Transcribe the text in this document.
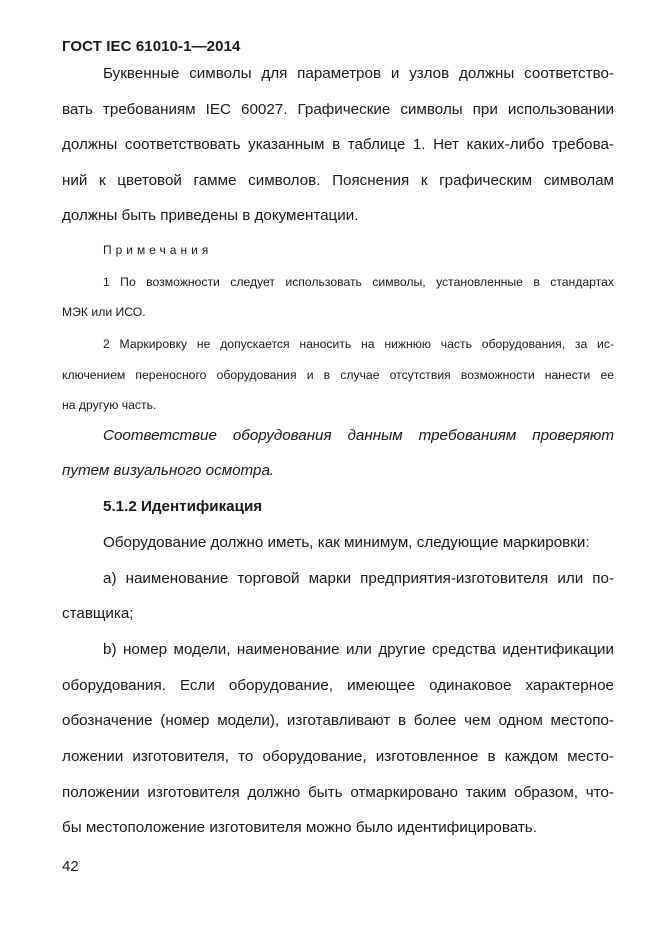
ГОСТ IEC 61010-1—2014
Буквенные символы для параметров и узлов должны соответство-
вать требованиям IEC 60027. Графические символы при использовании
должны соответствовать указанным в таблице 1. Нет каких-либо требова-
ний к цветовой гамме символов. Пояснения к графическим символам
должны быть приведены в документации.
Примечания
1 По возможности следует использовать символы, установленные в стандартах
МЭК или ИСО.
2 Маркировку не допускается наносить на нижнюю часть оборудования, за ис-
ключением переносного оборудования и в случае отсутствия возможности нанести ее
на другую часть.
Соответствие оборудования данным требованиям проверяют
путем визуального осмотра.
5.1.2 Идентификация
Оборудование должно иметь, как минимум, следующие маркировки:
a) наименование торговой марки предприятия-изготовителя или по-
ставщика;
b) номер модели, наименование или другие средства идентификации
оборудования. Если оборудование, имеющее одинаковое характерное
обозначение (номер модели), изготавливают в более чем одном местопо-
ложении изготовителя, то оборудование, изготовленное в каждом место-
положении изготовителя должно быть отмаркировано таким образом, что-
бы местоположение изготовителя можно было идентифицировать.
42
